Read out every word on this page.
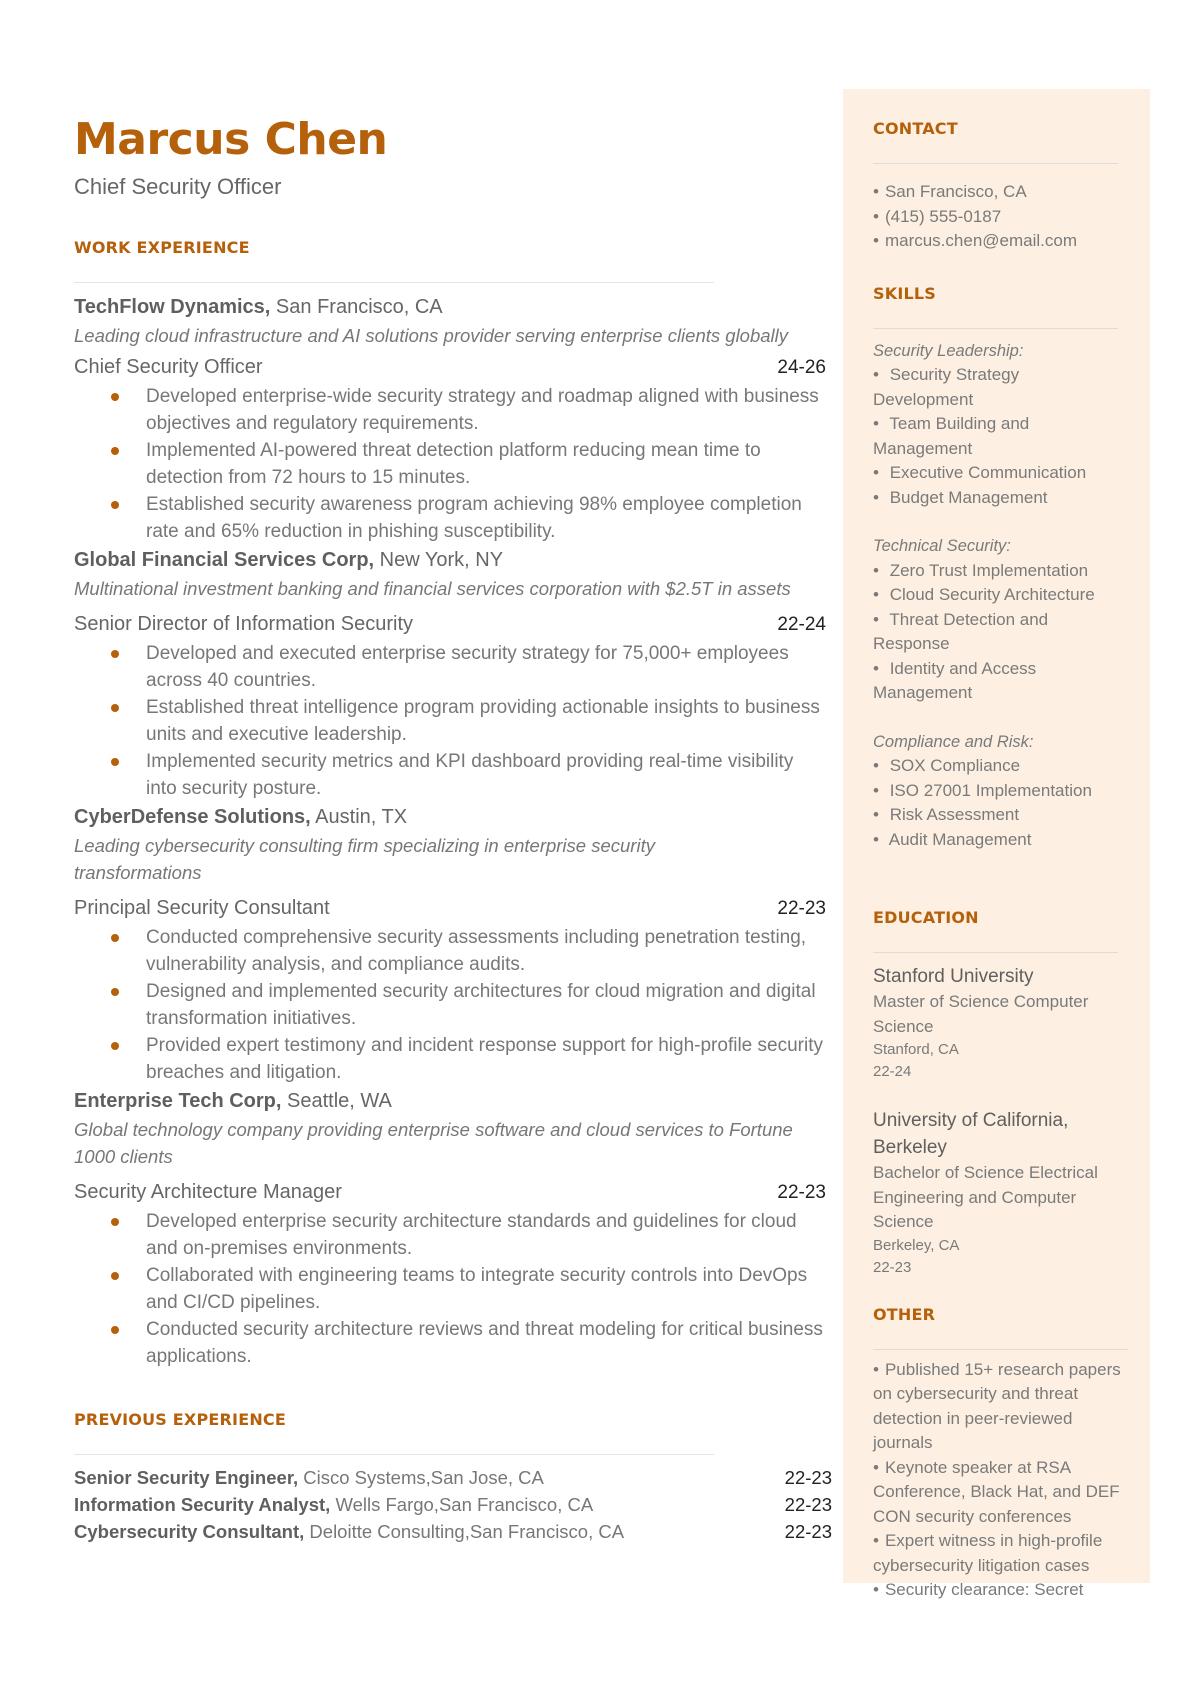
Marcus Chen
Chief Security Officer
WORK EXPERIENCE
TechFlow Dynamics, San Francisco, CA
Leading cloud infrastructure and AI solutions provider serving enterprise clients globally
Chief Security Officer	24-26
Developed enterprise-wide security strategy and roadmap aligned with business objectives and regulatory requirements.
Implemented AI-powered threat detection platform reducing mean time to detection from 72 hours to 15 minutes.
Established security awareness program achieving 98% employee completion rate and 65% reduction in phishing susceptibility.
Global Financial Services Corp, New York, NY
Multinational investment banking and financial services corporation with $2.5T in assets
Senior Director of Information Security	22-24
Developed and executed enterprise security strategy for 75,000+ employees across 40 countries.
Established threat intelligence program providing actionable insights to business units and executive leadership.
Implemented security metrics and KPI dashboard providing real-time visibility into security posture.
CyberDefense Solutions, Austin, TX
Leading cybersecurity consulting firm specializing in enterprise security transformations
Principal Security Consultant	22-23
Conducted comprehensive security assessments including penetration testing, vulnerability analysis, and compliance audits.
Designed and implemented security architectures for cloud migration and digital transformation initiatives.
Provided expert testimony and incident response support for high-profile security breaches and litigation.
Enterprise Tech Corp, Seattle, WA
Global technology company providing enterprise software and cloud services to Fortune 1000 clients
Security Architecture Manager	22-23
Developed enterprise security architecture standards and guidelines for cloud and on-premises environments.
Collaborated with engineering teams to integrate security controls into DevOps and CI/CD pipelines.
Conducted security architecture reviews and threat modeling for critical business applications.
PREVIOUS EXPERIENCE
Senior Security Engineer, Cisco Systems,San Jose, CA	22-23
Information Security Analyst, Wells Fargo,San Francisco, CA	22-23
Cybersecurity Consultant, Deloitte Consulting,San Francisco, CA	22-23
CONTACT
• San Francisco, CA
• (415) 555-0187
• marcus.chen@email.com
SKILLS
Security Leadership:
• Security Strategy Development
• Team Building and Management
• Executive Communication
• Budget Management
Technical Security:
• Zero Trust Implementation
• Cloud Security Architecture
• Threat Detection and Response
• Identity and Access Management
Compliance and Risk:
• SOX Compliance
• ISO 27001 Implementation
• Risk Assessment
• Audit Management
EDUCATION
Stanford University
Master of Science Computer Science
Stanford, CA
22-24
University of California, Berkeley
Bachelor of Science Electrical Engineering and Computer Science
Berkeley, CA
22-23
OTHER
• Published 15+ research papers on cybersecurity and threat detection in peer-reviewed journals
• Keynote speaker at RSA Conference, Black Hat, and DEF CON security conferences
• Expert witness in high-profile cybersecurity litigation cases
• Security clearance: Secret
